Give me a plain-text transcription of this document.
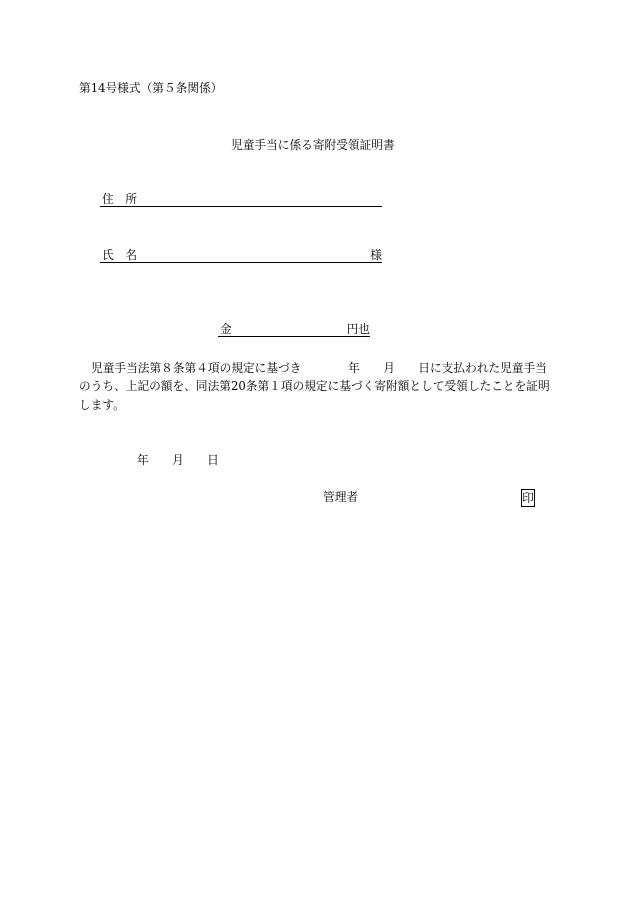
第14号様式（第５条関係）
児童手当に係る寄附受領証明書
住　所
氏　名	様
金	円也
児童手当法第８条第４項の規定に基づき　　　　年　　月　　日に支払われた児童手当
のうち、上記の額を、同法第20条第１項の規定に基づく寄附額として受領したことを証明
します。
年　　月　　日
管理者	印
